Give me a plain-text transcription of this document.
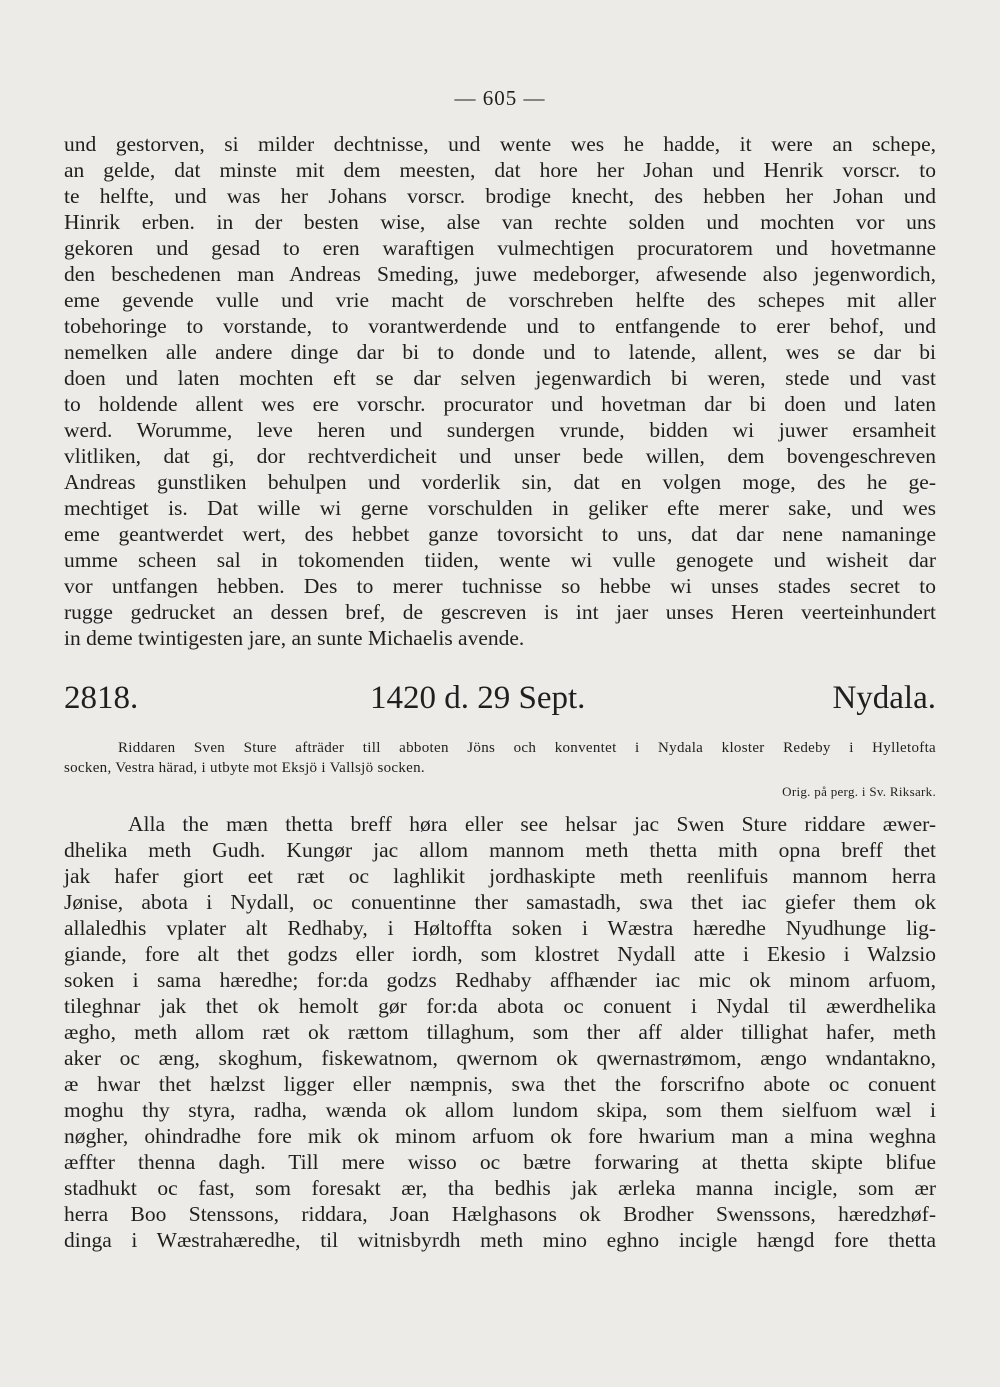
— 605 —
und gestorven, si milder dechtnisse, und wente wes he hadde, it were an schepe,
an gelde, dat minste mit dem meesten, dat hore her Johan und Henrik vorscr. to
te helfte, und was her Johans vorscr. brodige knecht, des hebben her Johan und
Hinrik erben. in der besten wise, alse van rechte solden und mochten vor uns
gekoren und gesad to eren waraftigen vulmechtigen procuratorem und hovetmanne
den beschedenen man Andreas Smeding, juwe medeborger, afwesende also jegenwordich,
eme gevende vulle und vrie macht de vorschreben helfte des schepes mit aller
tobehoringe to vorstande, to vorantwerdende und to entfangende to erer behof, und
nemelken alle andere dinge dar bi to donde und to latende, allent, wes se dar bi
doen und laten mochten eft se dar selven jegenwardich bi weren, stede und vast
to holdende allent wes ere vorschr. procurator und hovetman dar bi doen und laten
werd. Worumme, leve heren und sundergen vrunde, bidden wi juwer ersamheit
vlitliken, dat gi, dor rechtverdicheit und unser bede willen, dem bovengeschreven
Andreas gunstliken behulpen und vorderlik sin, dat en volgen moge, des he ge-
mechtiget is. Dat wille wi gerne vorschulden in geliker efte merer sake, und wes
eme geantwerdet wert, des hebbet ganze tovorsicht to uns, dat dar nene namaninge
umme scheen sal in tokomenden tiiden, wente wi vulle genogete und wisheit dar
vor untfangen hebben. Des to merer tuchnisse so hebbe wi unses stades secret to
rugge gedrucket an dessen bref, de gescreven is int jaer unses Heren veerteinhundert
in deme twintigesten jare, an sunte Michaelis avende.
2818.	1420 d. 29 Sept.	Nydala.
Riddaren Sven Sture afträder till abboten Jöns och konventet i Nydala kloster Redeby i Hylletofta
socken, Vestra härad, i utbyte mot Eksjö i Vallsjö socken.
Orig. på perg. i Sv. Riksark.
Alla the mæn thetta breff høra eller see helsar jac Swen Sture riddare æwer-
dhelika meth Gudh. Kungør jac allom mannom meth thetta mith opna breff thet
jak hafer giort eet ræt oc laghlikit jordhaskipte meth reenlifuis mannom herra
Jønise, abota i Nydall, oc conuentinne ther samastadh, swa thet iac giefer them ok
allaledhis vplater alt Redhaby, i Høltoffta soken i Wæstra hæredhe Nyudhunge lig-
giande, fore alt thet godzs eller iordh, som klostret Nydall atte i Ekesio i Walzsio
soken i sama hæredhe; for:da godzs Redhaby affhænder iac mic ok minom arfuom,
tileghnar jak thet ok hemolt gør for:da abota oc conuent i Nydal til æwerdhelika
ægho, meth allom ræt ok rættom tillaghum, som ther aff alder tillighat hafer, meth
aker oc æng, skoghum, fiskewatnom, qwernom ok qwernastrømom, ængo wndantakno,
æ hwar thet hælzst ligger eller næmpnis, swa thet the forscrifno abote oc conuent
moghu thy styra, radha, wænda ok allom lundom skipa, som them sielfuom wæl i
nøgher, ohindradhe fore mik ok minom arfuom ok fore hwarium man a mina weghna
æffter thenna dagh. Till mere wisso oc bætre forwaring at thetta skipte blifue
stadhukt oc fast, som foresakt ær, tha bedhis jak ærleka manna incigle, som ær
herra Boo Stenssons, riddara, Joan Hælghasons ok Brodher Swenssons, hæredzhøf-
dinga i Wæstrahæredhe, til witnisbyrdh meth mino eghno incigle hængd fore thetta
